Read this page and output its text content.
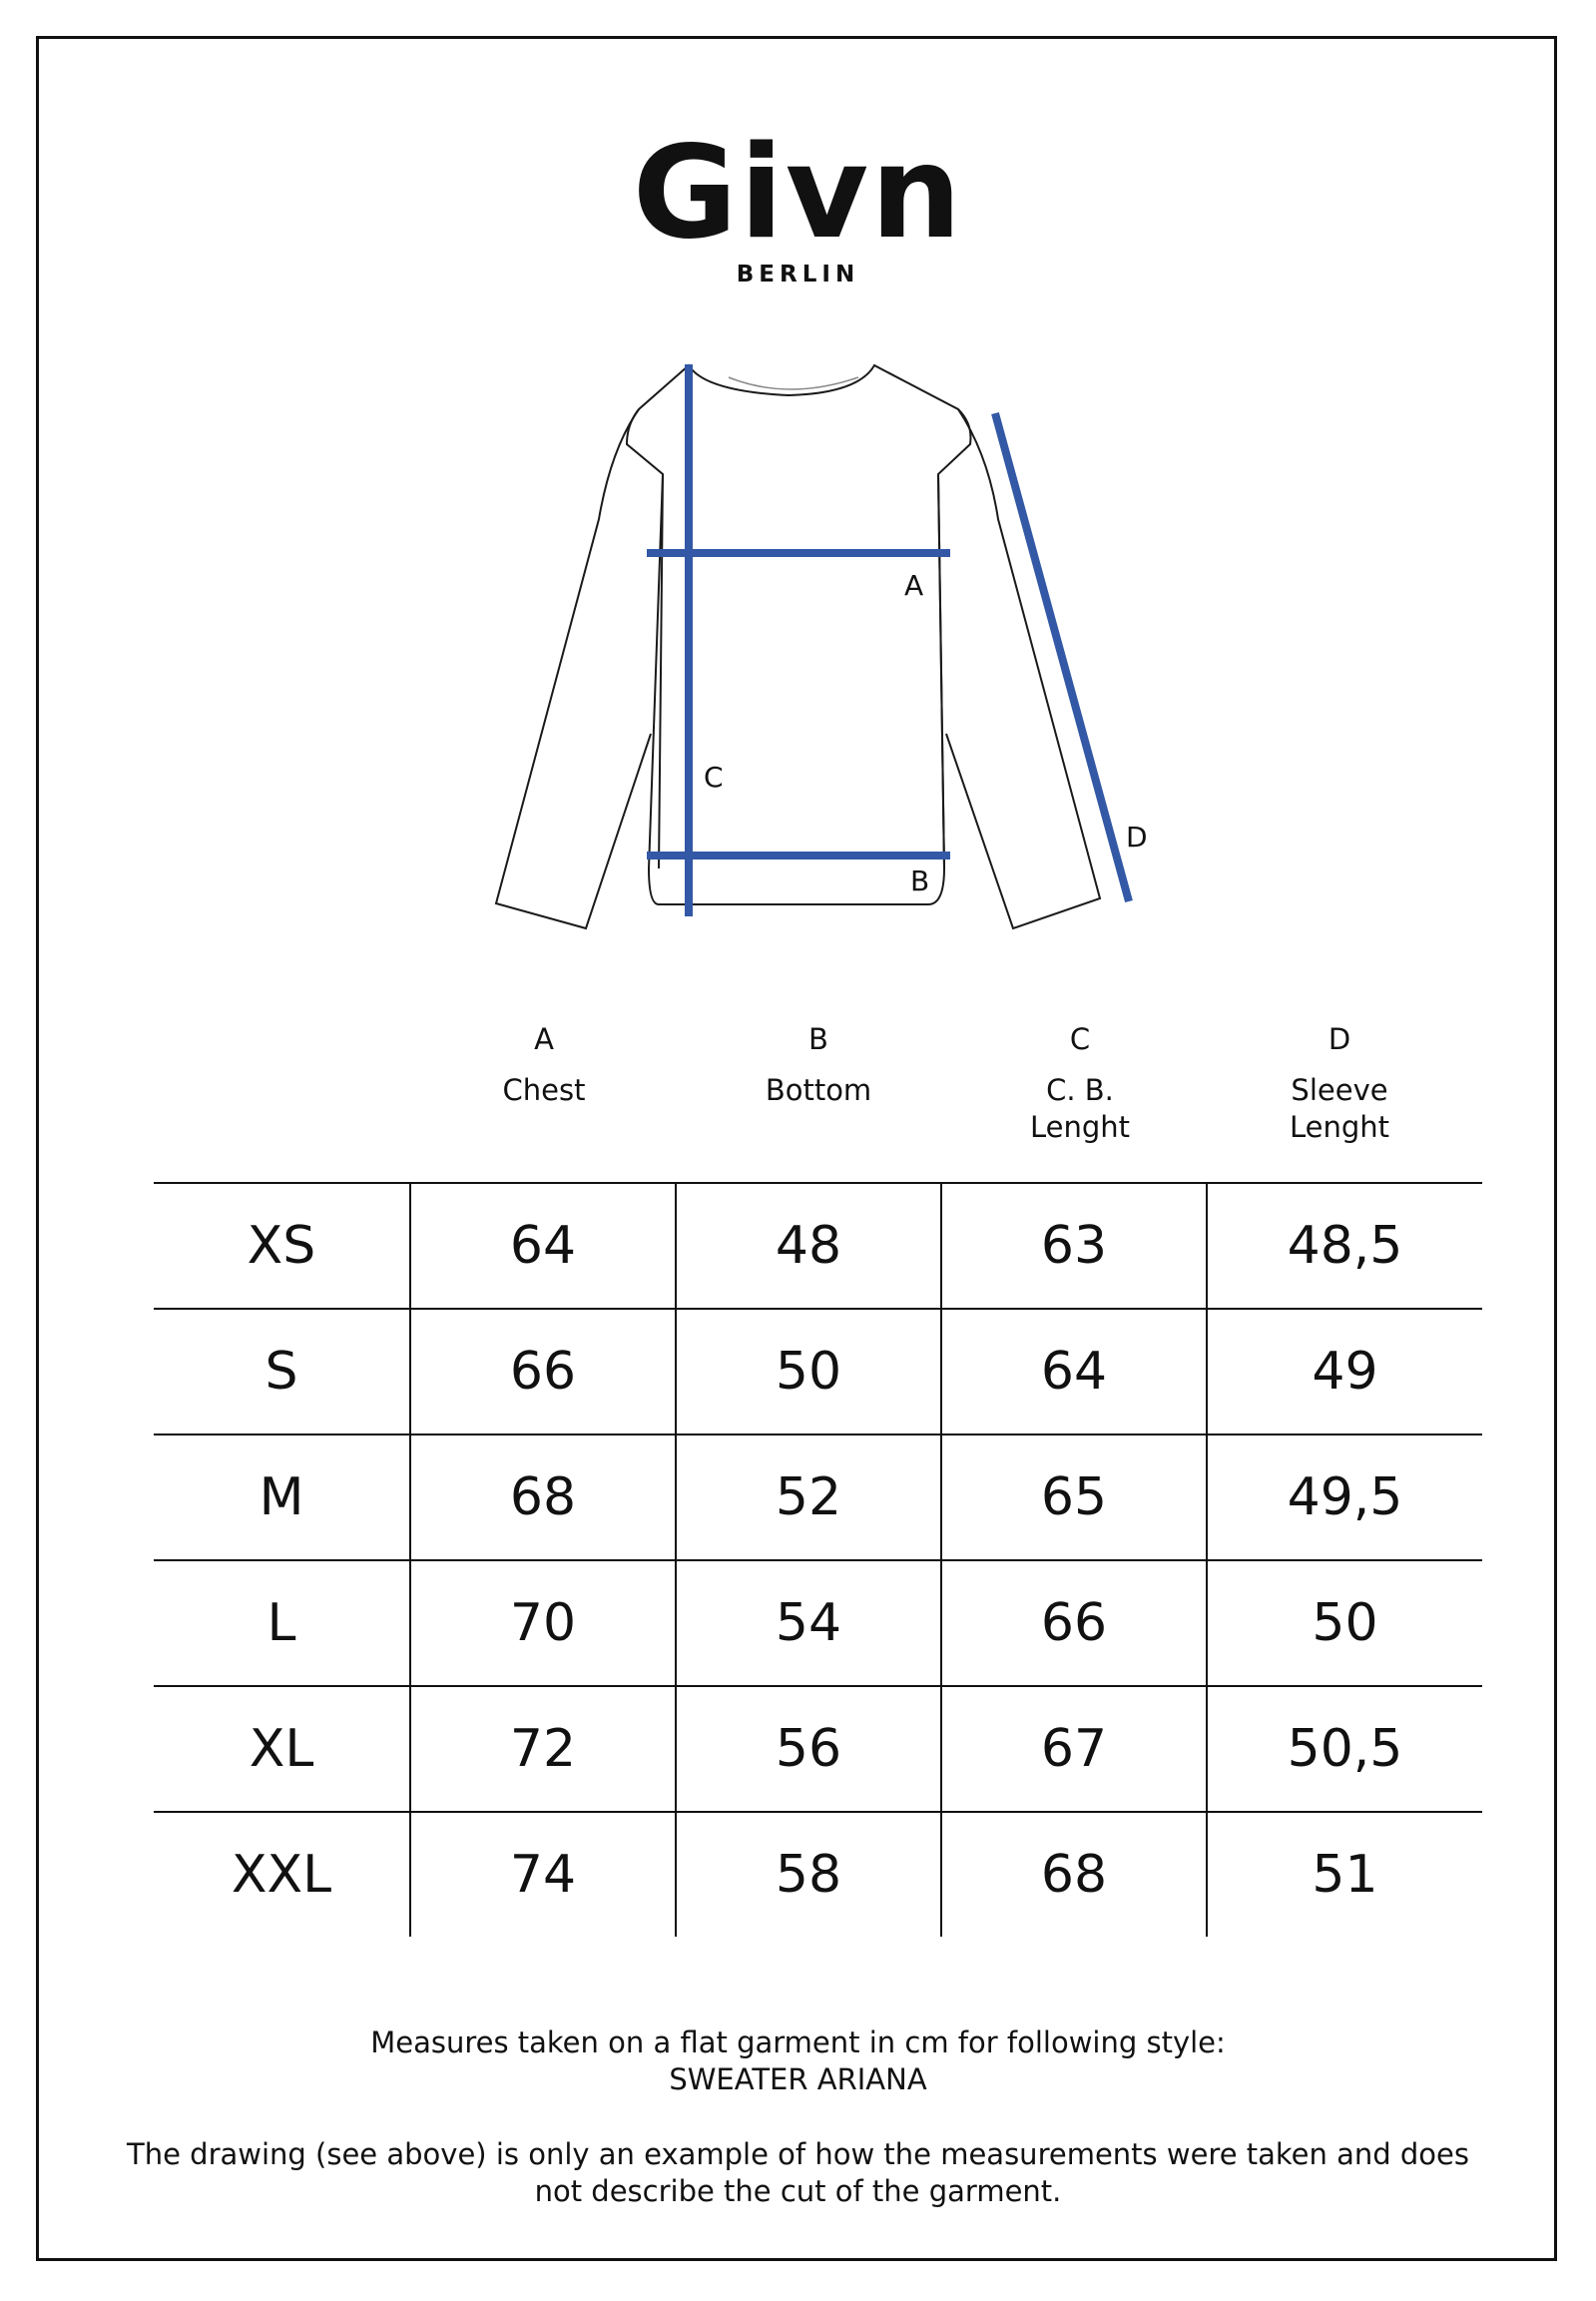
Givn
BERLIN
A
B
C
D
A
Chest
B
Bottom
C
C. B. Lenght
D
Sleeve Lenght
XS	64	48	63	48,5
S	66	50	64	49
M	68	52	65	49,5
L	70	54	66	50
XL	72	56	67	50,5
XXL	74	58	68	51
Measures taken on a flat garment in cm for following style:
SWEATER ARIANA
The drawing (see above) is only an example of how the measurements were taken and does
not describe the cut of the garment.
